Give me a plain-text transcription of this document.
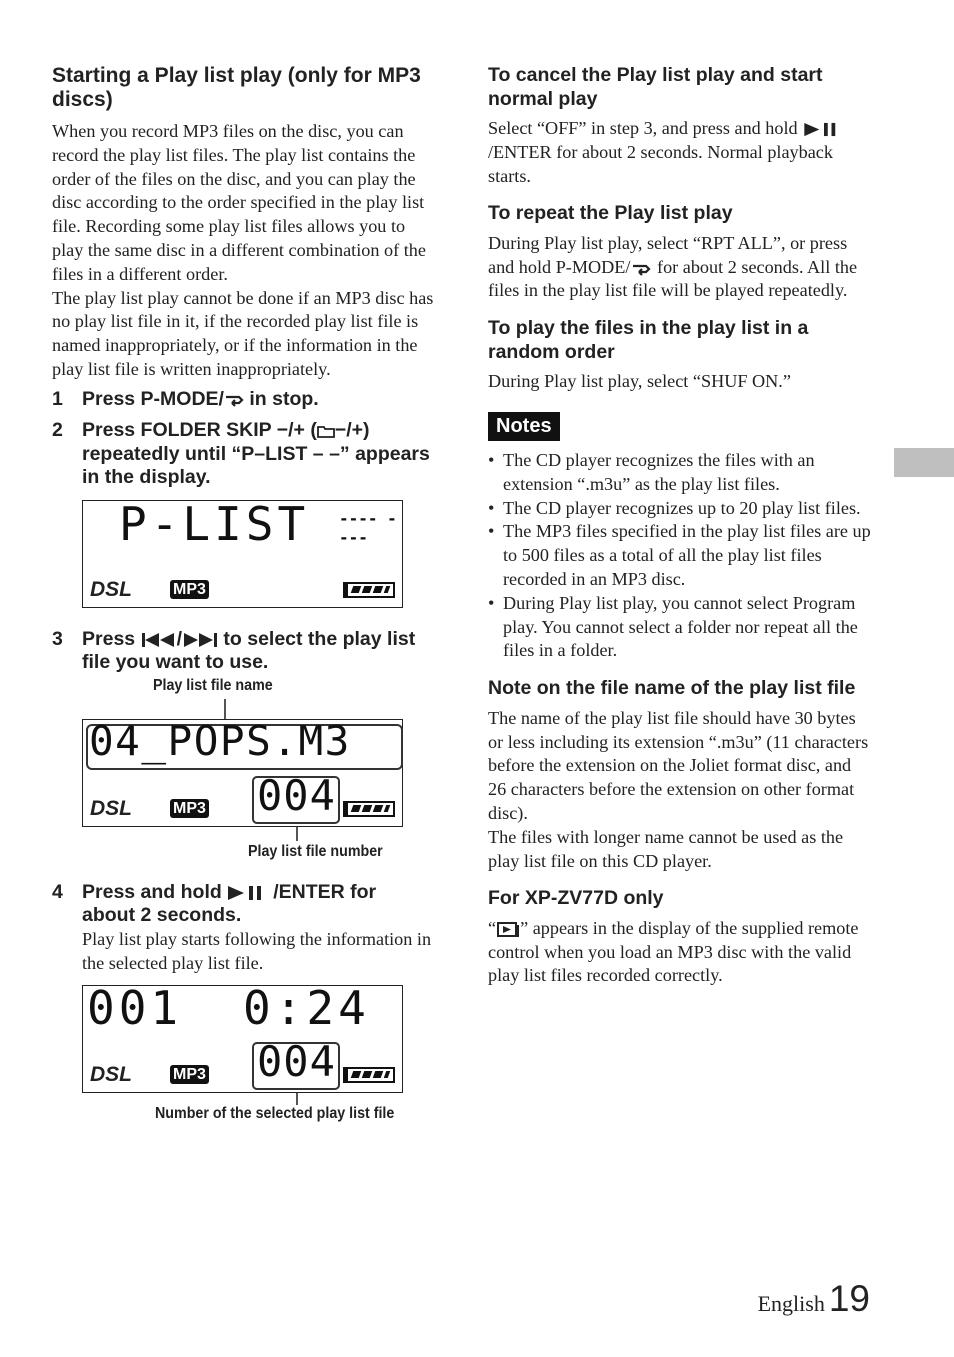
Starting a Play list play (only for MP3 discs)

When you record MP3 files on the disc, you can record the play list files. The play list contains the order of the files on the disc, and you can play the disc according to the order specified in the play list file. Recording some play list files allows you to play the same disc in a different combination of the files in a different order.

The play list play cannot be done if an MP3 disc has no play list file in it, if the recorded play list file is named inappropriately, or if the information in the play list file is written inappropriately.

1 Press P-MODE/ in stop.
2 Press FOLDER SKIP −/+ ( −/+) repeatedly until “P–LIST – –” appears in the display.
P-LIST ---- ----
DSL	MP3
3 Press / to select the play list file you want to use.
Play list file name
04_POPS.M3
004
DSL	MP3
Play list file number
4 Press and hold /ENTER for about 2 seconds.
Play list play starts following the information in the selected play list file.
001 0:24
004
DSL	MP3
Number of the selected play list file
To cancel the Play list play and start normal play

Select “OFF” in step 3, and press and hold /ENTER for about 2 seconds. Normal playback starts.

To repeat the Play list play

During Play list play, select “RPT ALL”, or press and hold P-MODE/ for about 2 seconds. All the files in the play list file will be played repeatedly.

To play the files in the play list in a random order

During Play list play, select “SHUF ON.”

Notes
• The CD player recognizes the files with an extension “.m3u” as the play list files.
• The CD player recognizes up to 20 play list files.
• The MP3 files specified in the play list files are up to 500 files as a total of all the play list files recorded in an MP3 disc.
• During Play list play, you cannot select Program play. You cannot select a folder nor repeat all the files in a folder.
Note on the file name of the play list file

The name of the play list file should have 30 bytes or less including its extension “.m3u” (11 characters before the extension on the Joliet format disc, and 26 characters before the extension on other format disc).

The files with longer name cannot be used as the play list file on this CD player.

For XP-ZV77D only

“ ” appears in the display of the supplied remote control when you load an MP3 disc with the valid play list files recorded correctly.

English 19
